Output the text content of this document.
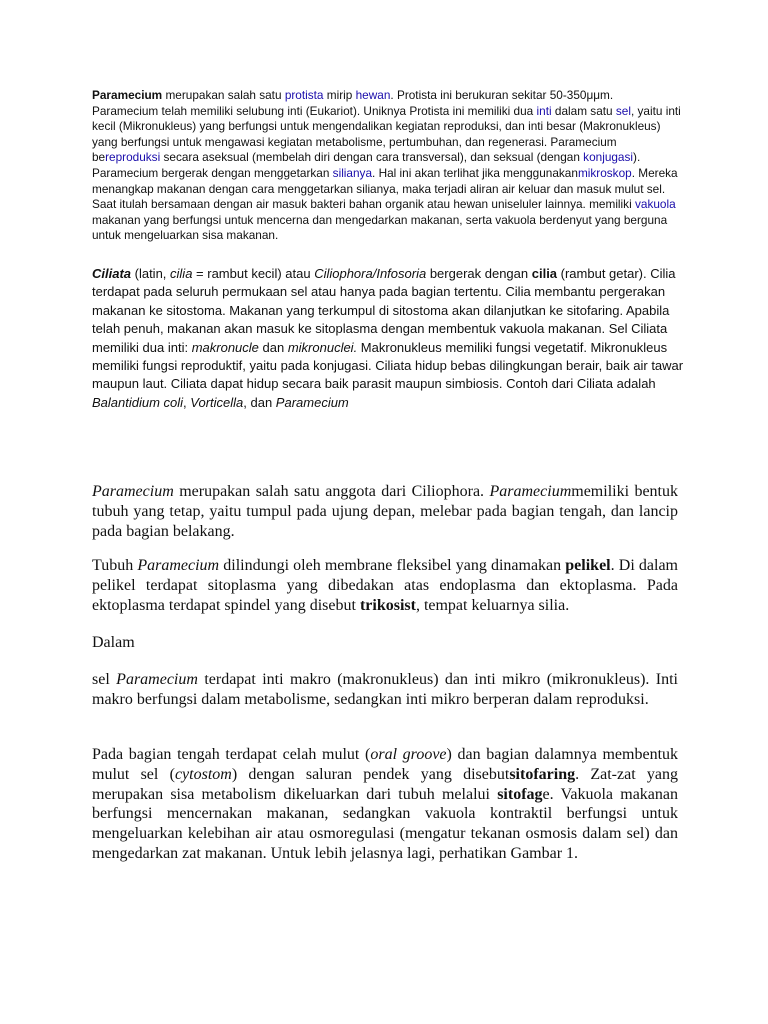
Paramecium merupakan salah satu protista mirip hewan. Protista ini berukuran sekitar 50-350μμm. Paramecium telah memiliki selubung inti (Eukariot). Uniknya Protista ini memiliki dua inti dalam satu sel, yaitu inti kecil (Mikronukleus) yang berfungsi untuk mengendalikan kegiatan reproduksi, dan inti besar (Makronukleus) yang berfungsi untuk mengawasi kegiatan metabolisme, pertumbuhan, dan regenerasi. Paramecium bereproduksi secara aseksual (membelah diri dengan cara transversal), dan seksual (dengan konjugasi). Paramecium bergerak dengan menggetarkan silianya. Hal ini akan terlihat jika menggunakanmikroskop. Mereka menangkap makanan dengan cara menggetarkan silianya, maka terjadi aliran air keluar dan masuk mulut sel. Saat itulah bersamaan dengan air masuk bakteri bahan organik atau hewan uniseluler lainnya. memiliki vakuola makanan yang berfungsi untuk mencerna dan mengedarkan makanan, serta vakuola berdenyut yang berguna untuk mengeluarkan sisa makanan.

Ciliata (latin, cilia = rambut kecil) atau Ciliophora/Infosoria bergerak dengan cilia (rambut getar). Cilia terdapat pada seluruh permukaan sel atau hanya pada bagian tertentu. Cilia membantu pergerakan makanan ke sitostoma. Makanan yang terkumpul di sitostoma akan dilanjutkan ke sitofaring. Apabila telah penuh, makanan akan masuk ke sitoplasma dengan membentuk vakuola makanan. Sel Ciliata memiliki dua inti: makronucle dan mikronuclei. Makronukleus memiliki fungsi vegetatif. Mikronukleus memiliki fungsi reproduktif, yaitu pada konjugasi. Ciliata hidup bebas dilingkungan berair, baik air tawar maupun laut. Ciliata dapat hidup secara baik parasit maupun simbiosis. Contoh dari Ciliata adalah Balantidium coli, Vorticella, dan Paramecium

Paramecium merupakan salah satu anggota dari Ciliophora. Parameciummemiliki bentuk tubuh yang tetap, yaitu tumpul pada ujung depan, melebar pada bagian tengah, dan lancip pada bagian belakang.

Tubuh Paramecium dilindungi oleh membrane fleksibel yang dinamakan pelikel. Di dalam pelikel terdapat sitoplasma yang dibedakan atas endoplasma dan ektoplasma. Pada ektoplasma terdapat spindel yang disebut trikosist, tempat keluarnya silia.

Dalam

sel Paramecium terdapat inti makro (makronukleus) dan inti mikro (mikronukleus). Inti makro berfungsi dalam metabolisme, sedangkan inti mikro berperan dalam reproduksi.

Pada bagian tengah terdapat celah mulut (oral groove) dan bagian dalamnya membentuk mulut sel (cytostom) dengan saluran pendek yang disebutsitofaring. Zat-zat yang merupakan sisa metabolism dikeluarkan dari tubuh melalui sitofage. Vakuola makanan berfungsi mencernakan makanan, sedangkan vakuola kontraktil berfungsi untuk mengeluarkan kelebihan air atau osmoregulasi (mengatur tekanan osmosis dalam sel) dan mengedarkan zat makanan. Untuk lebih jelasnya lagi, perhatikan Gambar 1.
